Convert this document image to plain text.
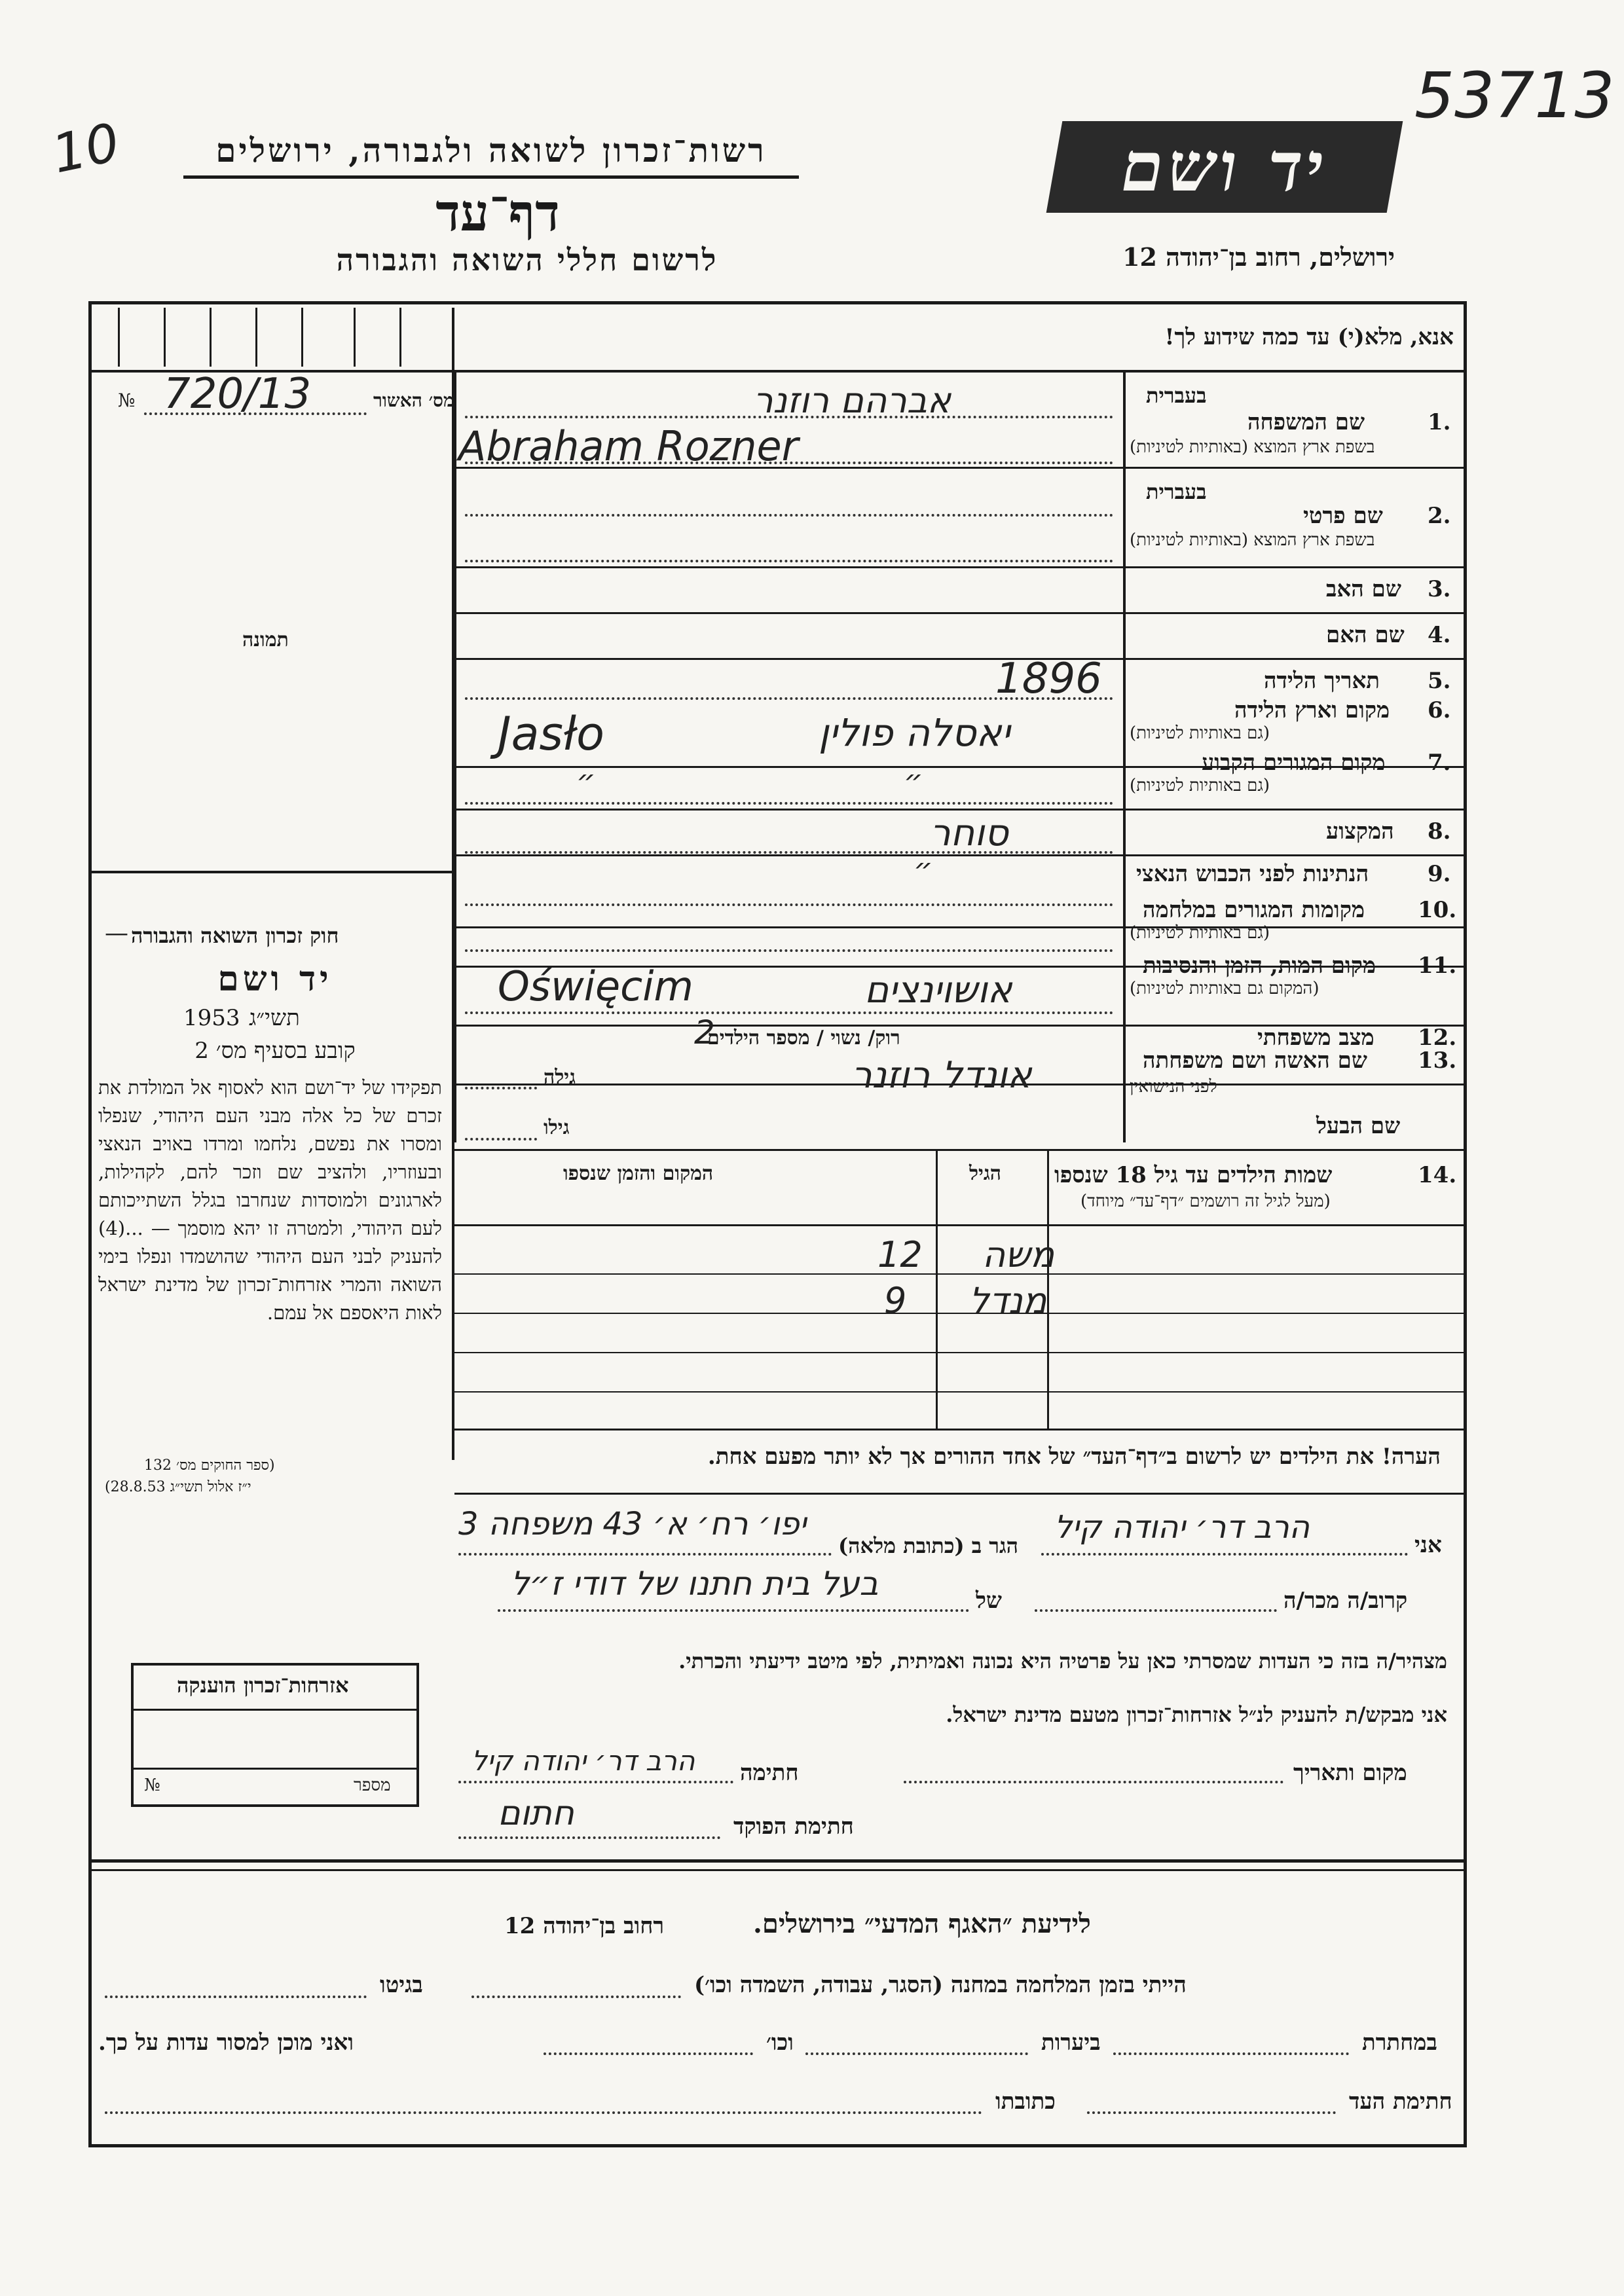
53713
10	רשות־זכרון לשואה ולגבורה, ירושלים
דף־עד
לרשום חללי השואה והגבורה
יד ושם
ירושלים, רחוב בן־יהודה 12
אנא, מלא(י) עד כמה שידוע לך!
מס׳ האשור
№ 720/13
תמונה
בעברית
בעברית
1.
שם המשפחה
בשפת ארץ המוצא (באותיות לטיניות)
אברהם רוזנר
Abraham Rozner
2.
שם פרטי
בשפת ארץ המוצא (באותיות לטיניות)
3.
שם האב
4.
שם האם
5.
תאריך הלידה
1896
6.
מקום וארץ הלידה
(גם באותיות לטיניות)
יאסלה פולין
Jasło
7.
מקום המגורים הקבוע
(גם באותיות לטיניות)
״
״
8.
המקצוע
סוחר
9.
הנתינות לפני הכבוש הנאצי
״
10.
מקומות המגורים במלחמה
(גם באותיות לטיניות)
11.
מקום המות, הזמן והנסיבות
(המקום גם באותיות לטיניות)
אושוינצים
Oświęcim
12.
מצב משפחתי
רוק/ נשוי / מספר הילדים
2
13.
שם האשה ושם משפחתה
לפני הנישואין
אונדל רוזנר
גילה
שם הבעל
גילו
14.
שמות הילדים עד גיל 18 שנספו
(מעל לגיל זה רושמים ״דף־עד״ מיוחד)
הגיל
המקום והזמן שנספו
משה
12
מנדל
9
הערה! את הילדים יש לרשום ב״דף־העד״ של אחד ההורים אך לא יותר מפעם אחת.
חוק זכרון השואה והגבורה
—
יד ושם
תשי״ג
1953
קובע בסעיף מס׳ 2
תפקידו של יד־ושם הוא לאסוף אל המולדת את זכרם של כל אלה מבני העם היהודי, שנפלו ומסרו את נפשם, נלחמו ומרדו באויב הנאצי ובעוזריו, ולהציב שם וזכר להם, לקהילות, לארגונים ולמוסדות שנחרבו בגלל השתייכותם לעם היהודי, ולמטרה זו יהא מוסמך — ...(4) להעניק לבני העם היהודי שהושמדו ונפלו בימי השואה והמרי אזרחות־זכרון של מדינת ישראל לאות היאספם אל עמם.
(ספר החוקים מס׳ 132
י״ז אלול תשי״ג 28.8.53)
אני
הרב דר׳ יהודה קיל
הגר ב (כתובת מלאה)
יפו׳ רח׳ א׳ 43 משפחה 3
קרוב/ה מכר/ה
של
בעל בית חתנו של דודי ז״ל
מצהיר/ה בזה כי העדות שמסרתי כאן על פרטיה היא נכונה ואמיתית, לפי מיטב ידיעתי והכרתי.
אני מבקש/ת להעניק לנ״ל אזרחות־זכרון מטעם מדינת ישראל.
מקום ותאריך
חתימה
הרב דר׳ יהודה קיל
חתימת הפוקד
חתום
אזרחות־זכרון הוענקה
מספר
№
לידיעת ״האגף המדעי״ בירושלים.
רחוב בן־יהודה 12
הייתי בזמן המלחמה במחנה (הסגר, עבודה, השמדה וכו׳)
בגיטו
במחתרת
ביערות
וכו׳
ואני מוכן למסור עדות על כך.
חתימת העד
כתובתו
